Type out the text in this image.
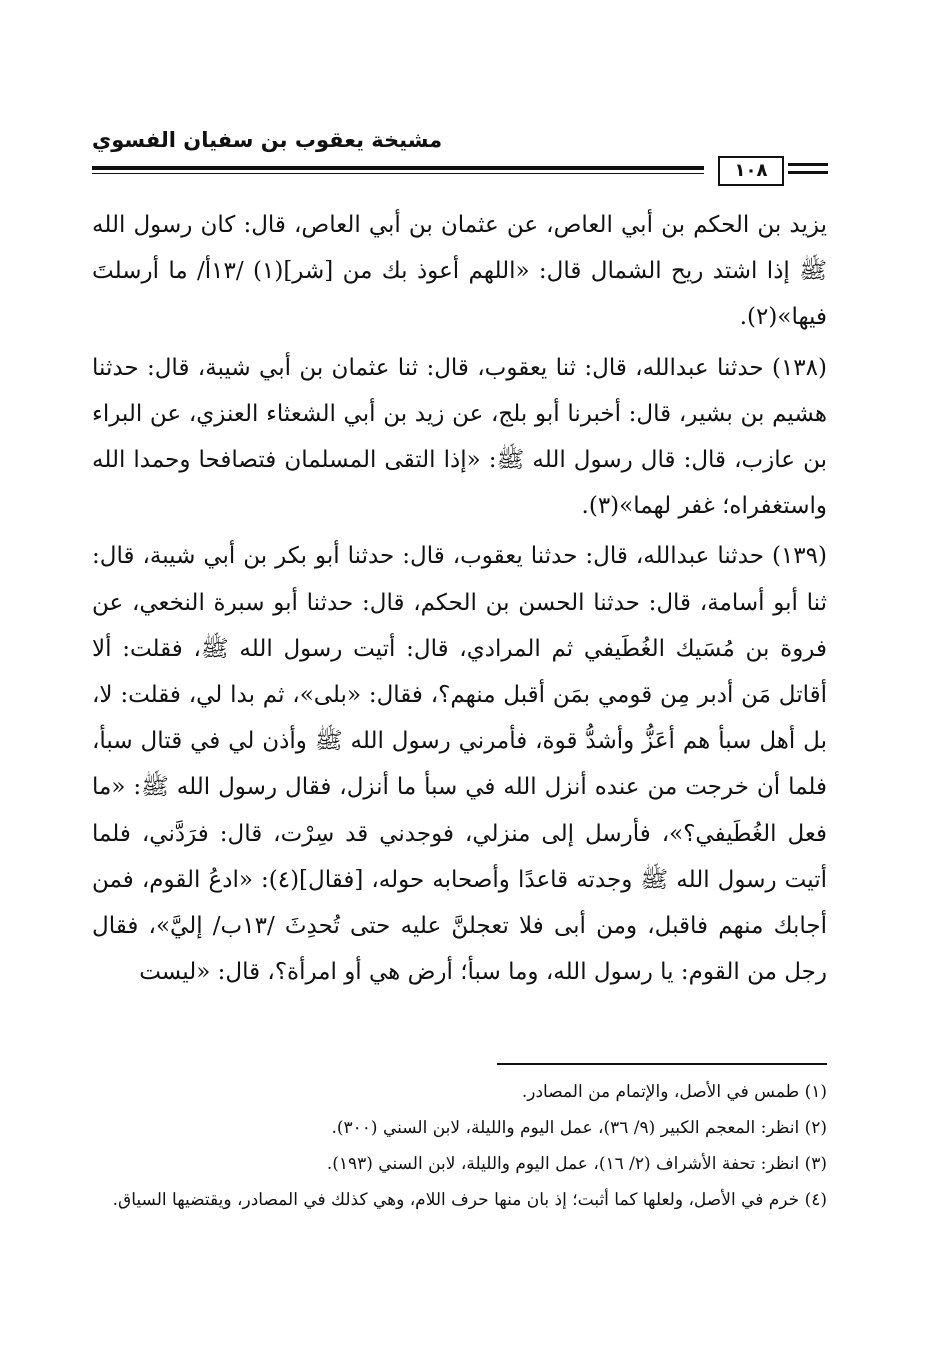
مشيخة يعقوب بن سفيان الفسوي
١٠٨

يزيد بن الحكم بن أبي العاص، عن عثمان بن أبي العاص، قال: كان رسول الله ﷺ إذا اشتد ريح الشمال قال: «اللهم أعوذ بك من [شر](١) /١٣أ/ ما أرسلتَ فيها»(٢).

(١٣٨) حدثنا عبدالله، قال: ثنا يعقوب، قال: ثنا عثمان بن أبي شيبة، قال: حدثنا هشيم بن بشير، قال: أخبرنا أبو بلج، عن زيد بن أبي الشعثاء العنزي، عن البراء بن عازب، قال: قال رسول الله ﷺ: «إذا التقى المسلمان فتصافحا وحمدا الله واستغفراه؛ غفر لهما»(٣).

(١٣٩) حدثنا عبدالله، قال: حدثنا يعقوب، قال: حدثنا أبو بكر بن أبي شيبة، قال: ثنا أبو أسامة، قال: حدثنا الحسن بن الحكم، قال: حدثنا أبو سبرة النخعي، عن فروة بن مُسَيك الغُطَيفي ثم المرادي، قال: أتيت رسول الله ﷺ، فقلت: ألا أقاتل مَن أدبر مِن قومي بمَن أقبل منهم؟، فقال: «بلى»، ثم بدا لي، فقلت: لا، بل أهل سبأ هم أعَزُّ وأشدُّ قوة، فأمرني رسول الله ﷺ وأذن لي في قتال سبأ، فلما أن خرجت من عنده أنزل الله في سبأ ما أنزل، فقال رسول الله ﷺ: «ما فعل الغُطَيفي؟»، فأرسل إلى منزلي، فوجدني قد سِرْت، قال: فرَدَّني، فلما أتيت رسول الله ﷺ وجدته قاعدًا وأصحابه حوله، [فقال](٤): «ادعُ القوم، فمن أجابك منهم فاقبل، ومن أبى فلا تعجلنَّ عليه حتى تُحدِثَ /١٣ب/ إليَّ»، فقال رجل من القوم: يا رسول الله، وما سبأ؛ أرض هي أو امرأة؟، قال: «ليست

(١) طمس في الأصل، والإتمام من المصادر.

(٢) انظر: المعجم الكبير (٩/ ٣٦)، عمل اليوم والليلة، لابن السني (٣٠٠).

(٣) انظر: تحفة الأشراف (٢/ ١٦)، عمل اليوم والليلة، لابن السني (١٩٣).

(٤) خرم في الأصل، ولعلها كما أثبت؛ إذ بان منها حرف اللام، وهي كذلك في المصادر، ويقتضيها السياق.
